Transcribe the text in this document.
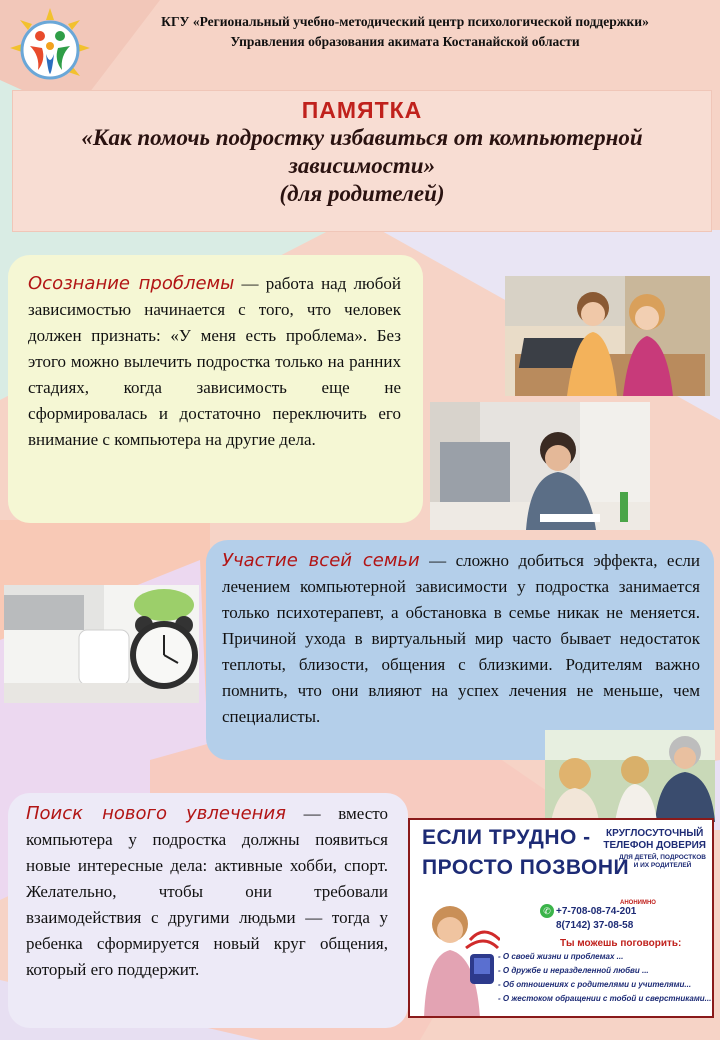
КГУ «Региональный учебно-методический центр психологической поддержки»
Управления образования акимата Костанайской области
ПАМЯТКА
«Как помочь подростку избавиться от компьютерной зависимости»
(для родителей)
Осознание проблемы — работа над любой зависимостью начинается с того, что человек должен признать: «У меня есть проблема». Без этого можно вылечить подростка только на ранних стадиях, когда зависимость еще не сформировалась и достаточно переключить его внимание с компьютера на другие дела.
Участие всей семьи — сложно добиться эффекта, если лечением компьютерной зависимости у подростка занимается только психотерапевт, а обстановка в семье никак не меняется. Причиной ухода в виртуальный мир часто бывает недостаток теплоты, близости, общения с близкими. Родителям важно помнить, что они влияют на успех лечения не меньше, чем специалисты.
Поиск нового увлечения — вместо компьютера у подростка должны появиться новые интересные дела: активные хобби, спорт. Желательно, чтобы они требовали взаимодействия с другими людьми — тогда у ребенка сформируется новый круг общения, который его поддержит.
ЕСЛИ ТРУДНО -
ПРОСТО ПОЗВОНИ
КРУГЛОСУТОЧНЫЙ
ТЕЛЕФОН ДОВЕРИЯ
ДЛЯ ДЕТЕЙ, ПОДРОСТКОВ
И ИХ РОДИТЕЛЕЙ
АНОНИМНО
✆ +7-708-08-74-201
8(7142) 37-08-58
Ты можешь поговорить:
- О своей жизни и проблемах ...
- О дружбе и неразделенной любви ...
- Об отношениях с родителями и учителями...
- О жестоком обращении с тобой и сверстниками...
